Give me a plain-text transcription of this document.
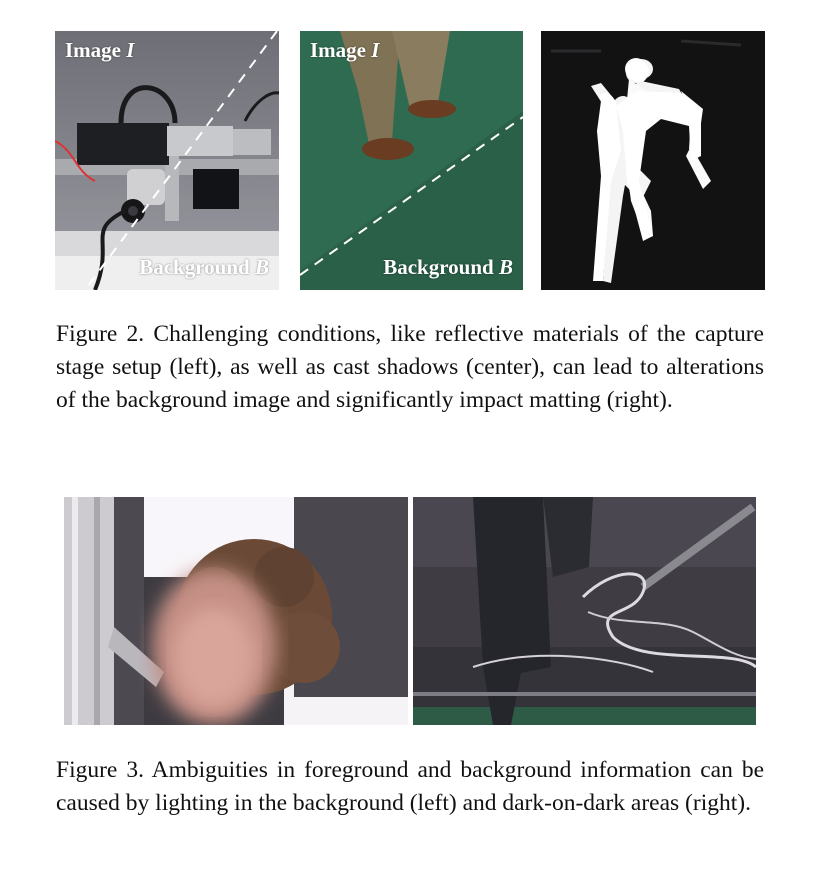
Image I
Background B
Image I
Background B
Figure 2. Challenging conditions, like reflective materials of the capture stage setup (left), as well as cast shadows (center), can lead to alterations of the background image and significantly impact matting (right).
Figure 3. Ambiguities in foreground and background information can be caused by lighting in the background (left) and dark-on-dark areas (right).
